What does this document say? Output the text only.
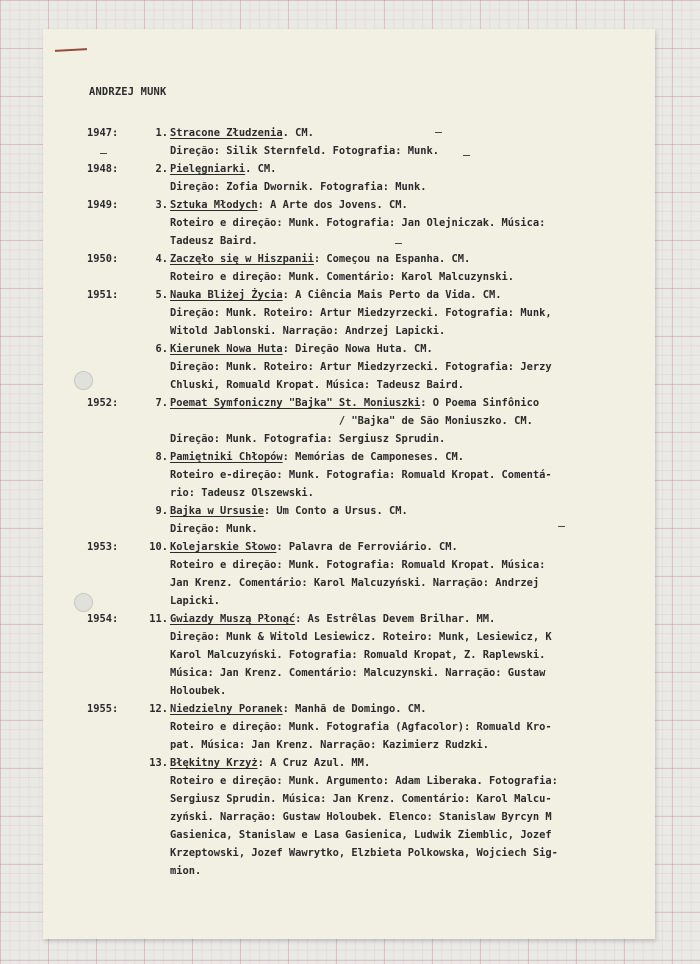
ANDRZEJ MUNK
1947:	1. Stracone Złudzenia. CM.
Direção: Silik Sternfeld. Fotografia: Munk.
1948:	2. Pielęgniarki. CM.
Direção: Zofia Dwornik. Fotografia: Munk.
1949:	3. Sztuka Młodych: A Arte dos Jovens. CM.
Roteiro e direção: Munk. Fotografia: Jan Olejniczak. Música:
Tadeusz Baird.
1950:	4. Zaczęło się w Hiszpanii: Começou na Espanha. CM.
Roteiro e direção: Munk. Comentário: Karol Malcuzynski.
1951:	5. Nauka Bliżej Życia: A Ciência Mais Perto da Vida. CM.
Direção: Munk. Roteiro: Artur Miedzyrzecki. Fotografia: Munk,
Witold Jablonski. Narração: Andrzej Lapicki.
6. Kierunek Nowa Huta: Direção Nowa Huta. CM.
Direção: Munk. Roteiro: Artur Miedzyrzecki. Fotografia: Jerzy
Chluski, Romuald Kropat. Música: Tadeusz Baird.
1952:	7. Poemat Symfoniczny "Bajka" St. Moniuszki: O Poema Sinfônico
/ "Bajka" de São Moniuszko. CM.
Direção: Munk. Fotografia: Sergiusz Sprudin.
8. Pamiętniki Chłopów: Memórias de Camponeses. CM.
Roteiro e-direção: Munk. Fotografia: Romuald Kropat. Comentá-
rio: Tadeusz Olszewski.
9. Bajka w Ursusie: Um Conto a Ursus. CM.
Direção: Munk.
1953:	10. Kolejarskie Słowo: Palavra de Ferroviário. CM.
Roteiro e direção: Munk. Fotografia: Romuald Kropat. Música:
Jan Krenz. Comentário: Karol Malcuzyński. Narração: Andrzej
Lapicki.
1954:	11. Gwiazdy Muszą Płonąć: As Estrêlas Devem Brilhar. MM.
Direção: Munk & Witold Lesiewicz. Roteiro: Munk, Lesiewicz, K
Karol Malcuzyński. Fotografia: Romuald Kropat, Z. Raplewski.
Música: Jan Krenz. Comentário: Malcuzynski. Narração: Gustaw
Holoubek.
1955:	12. Niedzielny Poranek: Manhã de Domingo. CM.
Roteiro e direção: Munk. Fotografia (Agfacolor): Romuald Kro-
pat. Música: Jan Krenz. Narração: Kazimierz Rudzki.
13. Błękitny Krzyż: A Cruz Azul. MM.
Roteiro e direção: Munk. Argumento: Adam Liberaka. Fotografia:
Sergiusz Sprudin. Música: Jan Krenz. Comentário: Karol Malcu-
zyński. Narração: Gustaw Holoubek. Elenco: Stanislaw Byrcyn M
Gasienica, Stanislaw e Lasa Gasienica, Ludwik Ziemblic, Jozef
Krzeptowski, Jozef Wawrytko, Elzbieta Polkowska, Wojciech Sig-
mion.
